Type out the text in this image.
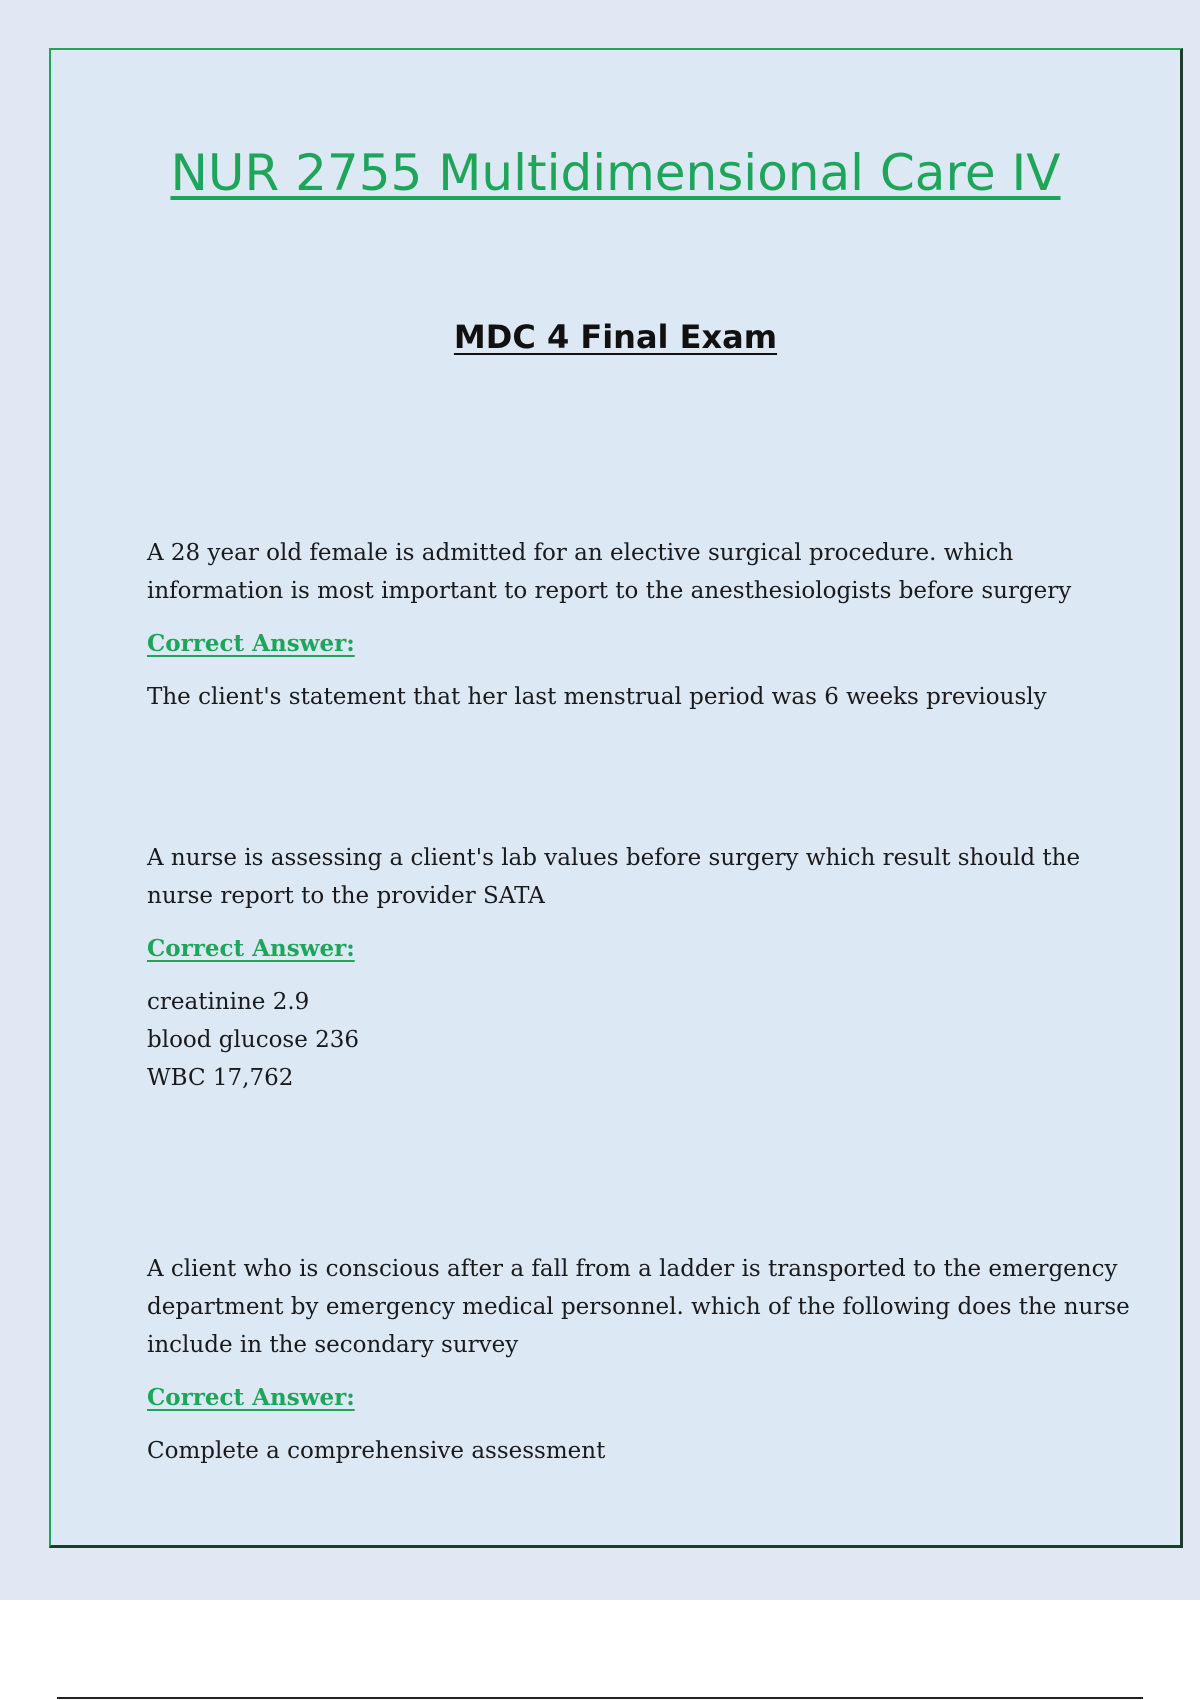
NUR 2755 Multidimensional Care IV
MDC 4 Final Exam

A 28 year old female is admitted for an elective surgical procedure. which information is most important to report to the anesthesiologists before surgery

Correct Answer:

The client's statement that her last menstrual period was 6 weeks previously

A nurse is assessing a client's lab values before surgery which result should the nurse report to the provider SATA

Correct Answer:

creatinine 2.9

blood glucose 236

WBC 17,762

A client who is conscious after a fall from a ladder is transported to the emergency department by emergency medical personnel. which of the following does the nurse include in the secondary survey

Correct Answer:

Complete a comprehensive assessment
